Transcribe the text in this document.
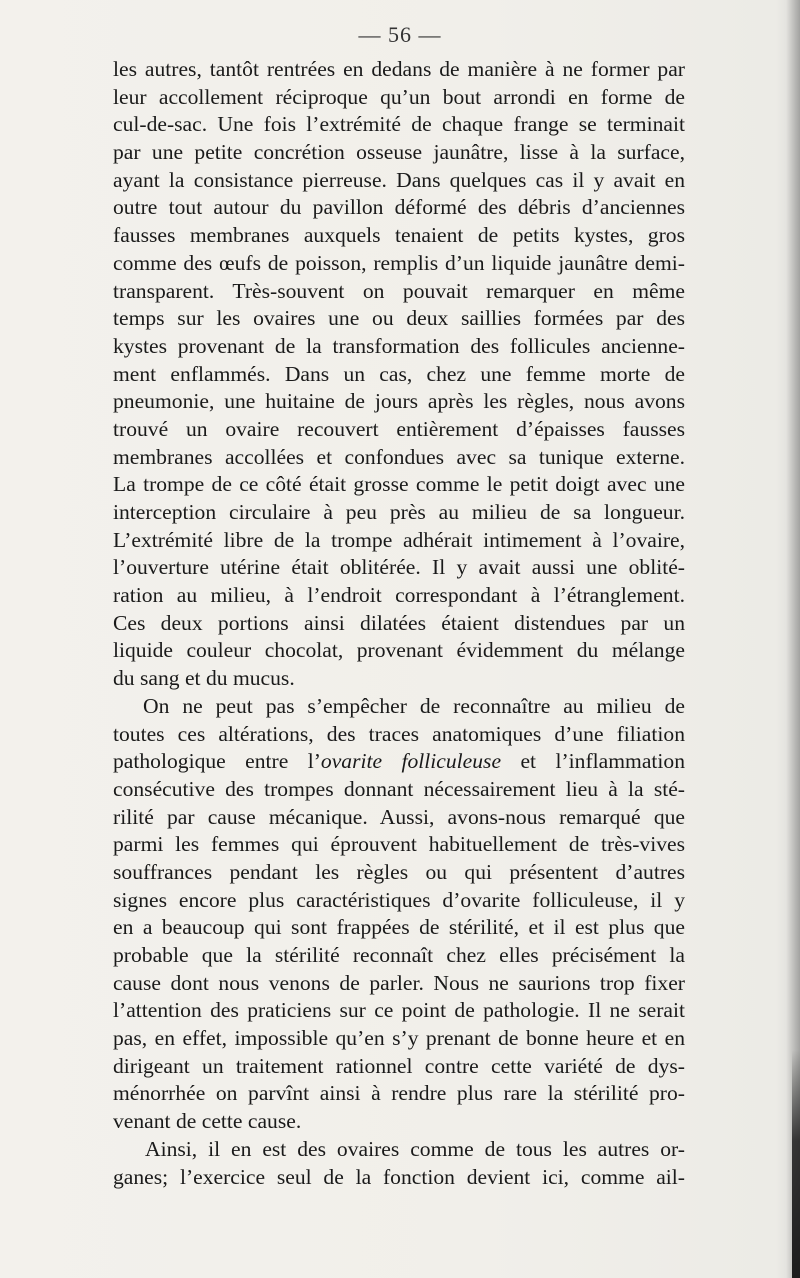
— 56 —
les autres, tantôt rentrées en dedans de manière à ne former par
leur accollement réciproque qu’un bout arrondi en forme de
cul-de-sac. Une fois l’extrémité de chaque frange se terminait
par une petite concrétion osseuse jaunâtre, lisse à la surface,
ayant la consistance pierreuse. Dans quelques cas il y avait en
outre tout autour du pavillon déformé des débris d’anciennes
fausses membranes auxquels tenaient de petits kystes, gros
comme des œufs de poisson, remplis d’un liquide jaunâtre demi-
transparent. Très-souvent on pouvait remarquer en même
temps sur les ovaires une ou deux saillies formées par des
kystes provenant de la transformation des follicules ancienne-
ment enflammés. Dans un cas, chez une femme morte de
pneumonie, une huitaine de jours après les règles, nous avons
trouvé un ovaire recouvert entièrement d’épaisses fausses
membranes accollées et confondues avec sa tunique externe.
La trompe de ce côté était grosse comme le petit doigt avec une
interception circulaire à peu près au milieu de sa longueur.
L’extrémité libre de la trompe adhérait intimement à l’ovaire,
l’ouverture utérine était oblitérée. Il y avait aussi une oblité-
ration au milieu, à l’endroit correspondant à l’étranglement.
Ces deux portions ainsi dilatées étaient distendues par un
liquide couleur chocolat, provenant évidemment du mélange
du sang et du mucus.
On ne peut pas s’empêcher de reconnaître au milieu de
toutes ces altérations, des traces anatomiques d’une filiation
pathologique entre l’ovarite folliculeuse et l’inflammation
consécutive des trompes donnant nécessairement lieu à la sté-
rilité par cause mécanique. Aussi, avons-nous remarqué que
parmi les femmes qui éprouvent habituellement de très-vives
souffrances pendant les règles ou qui présentent d’autres
signes encore plus caractéristiques d’ovarite folliculeuse, il y
en a beaucoup qui sont frappées de stérilité, et il est plus que
probable que la stérilité reconnaît chez elles précisément la
cause dont nous venons de parler. Nous ne saurions trop fixer
l’attention des praticiens sur ce point de pathologie. Il ne serait
pas, en effet, impossible qu’en s’y prenant de bonne heure et en
dirigeant un traitement rationnel contre cette variété de dys-
ménorrhée on parvînt ainsi à rendre plus rare la stérilité pro-
venant de cette cause.
Ainsi, il en est des ovaires comme de tous les autres or-
ganes; l’exercice seul de la fonction devient ici, comme ail-
